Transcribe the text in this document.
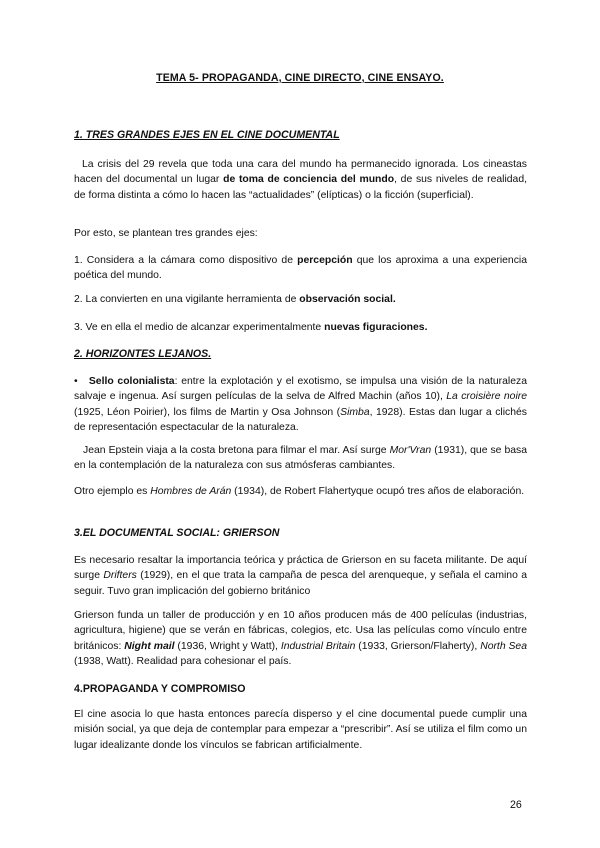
TEMA 5- PROPAGANDA, CINE DIRECTO, CINE ENSAYO.
1. TRES GRANDES EJES EN EL CINE DOCUMENTAL

La crisis del 29 revela que toda una cara del mundo ha permanecido ignorada. Los cineastas hacen del documental un lugar de toma de conciencia del mundo, de sus niveles de realidad, de forma distinta a cómo lo hacen las “actualidades” (elípticas) o la ficción (superficial).

Por esto, se plantean tres grandes ejes:

1. Considera a la cámara como dispositivo de percepción que los aproxima a una experiencia poética del mundo.

2. La convierten en una vigilante herramienta de observación social.

3. Ve en ella el medio de alcanzar experimentalmente nuevas figuraciones.

2. HORIZONTES LEJANOS.

• Sello colonialista: entre la explotación y el exotismo, se impulsa una visión de la naturaleza salvaje e ingenua. Así surgen películas de la selva de Alfred Machin (años 10), La croisière noire (1925, Léon Poirier), los films de Martin y Osa Johnson (Simba, 1928). Estas dan lugar a clichés de representación espectacular de la naturaleza.

Jean Epstein viaja a la costa bretona para filmar el mar. Así surge Mor'Vran (1931), que se basa en la contemplación de la naturaleza con sus atmósferas cambiantes.

Otro ejemplo es Hombres de Arán (1934), de Robert Flahertyque ocupó tres años de elaboración.

3.EL DOCUMENTAL SOCIAL: GRIERSON

Es necesario resaltar la importancia teórica y práctica de Grierson en su faceta militante. De aquí surge Drifters (1929), en el que trata la campaña de pesca del arenqueque, y señala el camino a seguir. Tuvo gran implicación del gobierno británico

Grierson funda un taller de producción y en 10 años producen más de 400 películas (industrias, agricultura, higiene) que se verán en fábricas, colegios, etc. Usa las películas como vínculo entre británicos: Night mail (1936, Wright y Watt), Industrial Britain (1933, Grierson/Flaherty), North Sea (1938, Watt). Realidad para cohesionar el país.

4.PROPAGANDA Y COMPROMISO

El cine asocia lo que hasta entonces parecía disperso y el cine documental puede cumplir una misión social, ya que deja de contemplar para empezar a “prescribir”. Así se utiliza el film como un lugar idealizante donde los vínculos se fabrican artificialmente.

26
